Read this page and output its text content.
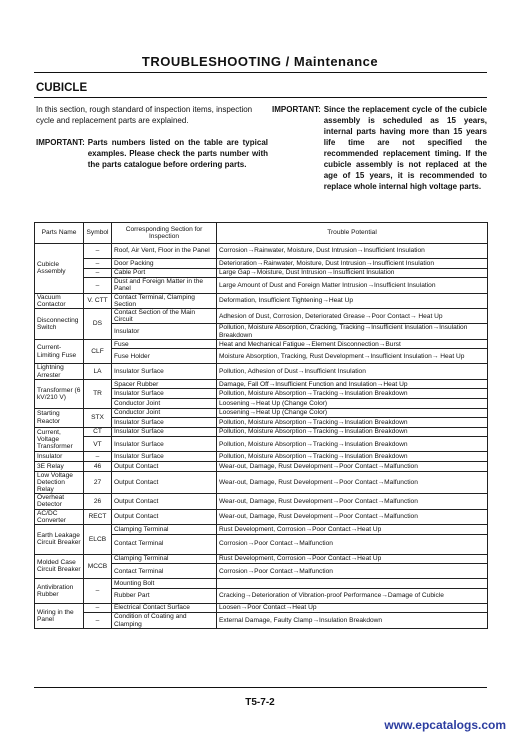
TROUBLESHOOTING / Maintenance
CUBICLE
In this section, rough standard of inspection items, inspection cycle and replacement parts are explained.
IMPORTANT: Parts numbers listed on the table are typical examples. Please check the parts number with the parts catalogue before ordering parts.
IMPORTANT: Since the replacement cycle of the cubicle assembly is scheduled as 15 years, internal parts having more than 15 years life time are not specified the recommended replacement timing. If the cubicle assembly is not replaced at the age of 15 years, it is recommended to replace whole internal high voltage parts.
Parts Name	Symbol	Corresponding Section for Inspection	Trouble Potential
Cubicle Assembly	–	Roof, Air Vent, Floor in the Panel	Corrosion→Rainwater, Moisture, Dust Intrusion→Insufficient Insulation
	–	Door Packing	Deterioration→Rainwater, Moisture, Dust Intrusion→Insufficient Insulation
	–	Cable Port	Large Gap→Moisture, Dust Intrusion→Insufficient Insulation
	–	Dust and Foreign Matter in the Panel	Large Amount of Dust and Foreign Matter Intrusion→Insufficient Insulation
Vacuum Contactor	V. CTT	Contact Terminal, Clamping Section	Deformation, Insufficient Tightening→Heat Up
Disconnecting Switch	DS	Contact Section of the Main Circuit	Adhesion of Dust, Corrosion, Deteriorated Grease→Poor Contact→ Heat Up
		Insulator	Pollution, Moisture Absorption, Cracking, Tracking→Insufficient Insulation→Insulation Breakdown
Current-Limiting Fuse	CLF	Fuse	Heat and Mechanical Fatigue→Element Disconnection→Burst
		Fuse Holder	Moisture Absorption, Tracking, Rust Development→Insufficient Insulation→ Heat Up
Lightning Arrester	LA	Insulator Surface	Pollution, Adhesion of Dust→Insufficient Insulation
Transformer (6 kV/210 V)	TR	Spacer Rubber	Damage, Fall Off→Insufficient Function and Insulation→Heat Up
		Insulator Surface	Pollution, Moisture Absorption→Tracking→Insulation Breakdown
		Conductor Joint	Loosening→Heat Up (Change Color)
Starting Reactor	STX	Conductor Joint	Loosening→Heat Up (Change Color)
		Insulator Surface	Pollution, Moisture Absorption→Tracking→Insulation Breakdown
Current, Voltage Transformer	CT	Insulator Surface	Pollution, Moisture Absorption→Tracking→Insulation Breakdown
	VT	Insulator Surface	Pollution, Moisture Absorption→Tracking→Insulation Breakdown
Insulator	–	Insulator Surface	Pollution, Moisture Absorption→Tracking→Insulation Breakdown
3E Relay	46	Output Contact	Wear-out, Damage, Rust Development→Poor Contact→Malfunction
Low Voltage Detection Relay	27	Output Contact	Wear-out, Damage, Rust Development→Poor Contact→Malfunction
Overheat Detector	26	Output Contact	Wear-out, Damage, Rust Development→Poor Contact→Malfunction
AC/DC Converter	RECT	Output Contact	Wear-out, Damage, Rust Development→Poor Contact→Malfunction
Earth Leakage Circuit Breaker	ELCB	Clamping Terminal	Rust Development, Corrosion→Poor Contact→Heat Up
		Contact Terminal	Corrosion→Poor Contact→Malfunction
Molded Case Circuit Breaker	MCCB	Clamping Terminal	Rust Development, Corrosion→Poor Contact→Heat Up
		Contact Terminal	Corrosion→Poor Contact→Malfunction
Antivibration Rubber	–	Mounting Bolt	
		Rubber Part	Cracking→Deterioration of Vibration-proof Performance→Damage of Cubicle
Wiring in the Panel	–	Electrical Contact Surface	Loosen→Poor Contact→Heat Up
	–	Condition of Coating and Clamping	External Damage, Faulty Clamp→Insulation Breakdown
T5-7-2
www.epcatalogs.com
